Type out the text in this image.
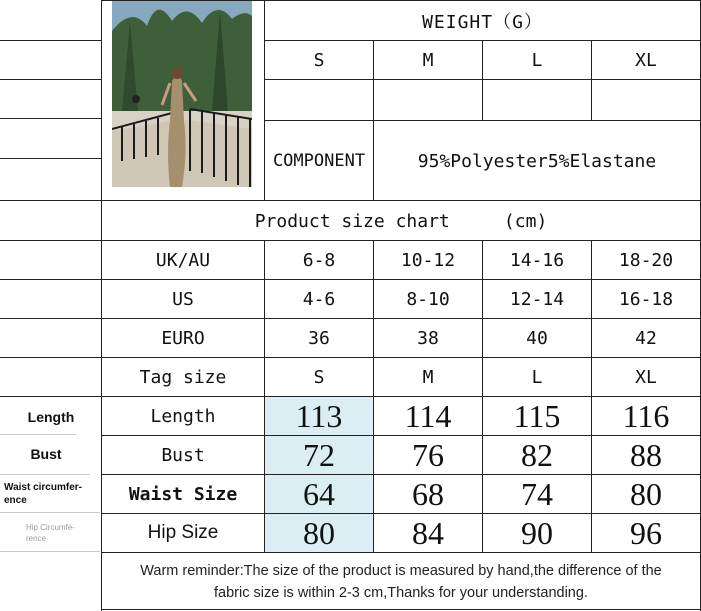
WEIGHT（G）
S	M	L	XL
COMPONENT	95%Polyester5%Elastane
Product size chart     (cm)
UK/AU	6-8	10-12	14-16	18-20
US	4-6	8-10	12-14	16-18
EURO	36	38	40	42
Tag size	S	M	L	XL
Length	Length	113	114	115	116
Bust	Bust	72	76	82	88
Waist circumfer-
ence	Waist Size	64	68	74	80
Hip Circumfe-
rence	Hip Size	80	84	90	96
Warm reminder:The size of the product is measured by hand,the difference of the
fabric size is within 2-3 cm,Thanks for your understanding.
